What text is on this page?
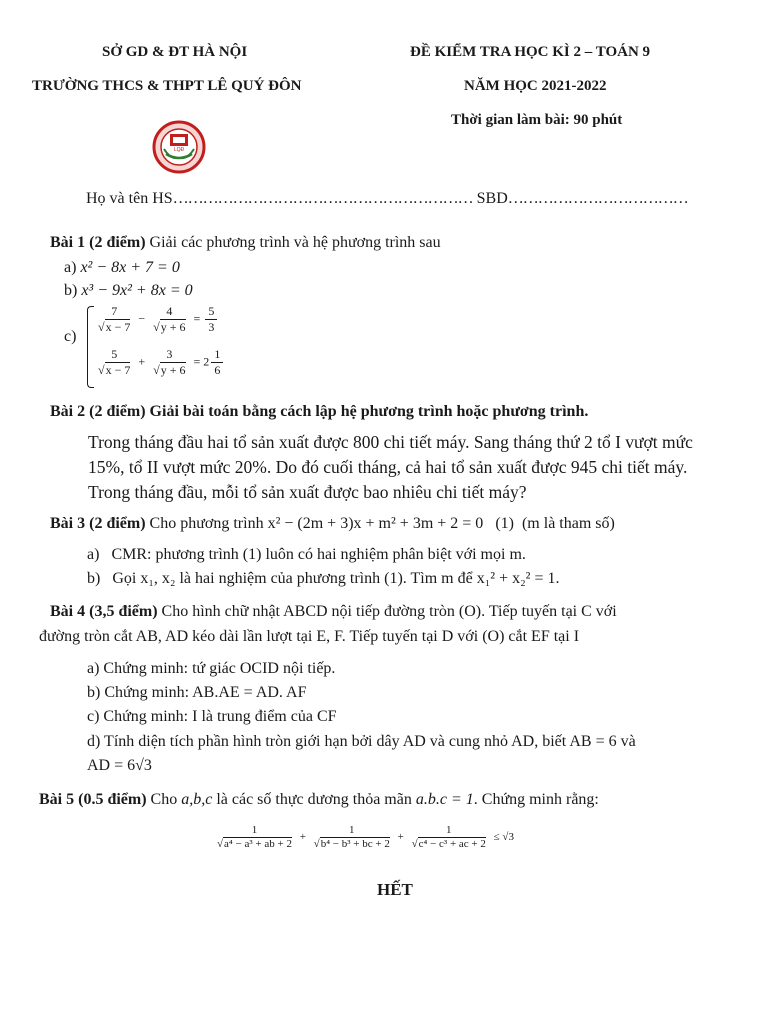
SỞ GD & ĐT HÀ NỘI
TRƯỜNG THCS & THPT LÊ QUÝ ĐÔN
ĐỀ KIỂM TRA HỌC KÌ 2 – TOÁN 9
NĂM HỌC 2021-2022
Thời gian làm bài: 90 phút
LQĐ
Họ và tên HS…………………………………………………… SBD………………………………
Bài 1 (2 điểm) Giải các phương trình và hệ phương trình sau
a) x² − 8x + 7 = 0
b) x³ − 9x² + 8x = 0
c)
$\frac{7}{√x - 7} - \frac{4}{√y + 6} = \frac{5}{3}$
$\frac{5}{√x - 7} + \frac{3}{√y + 6} = 2 \frac{1}{6}$
Bài 2 (2 điểm) Giải bài toán bằng cách lập hệ phương trình hoặc phương trình.
Trong tháng đầu hai tổ sản xuất được 800 chi tiết máy. Sang tháng thứ 2 tổ I vượt mức
15%, tổ II vượt mức 20%. Do đó cuối tháng, cả hai tổ sản xuất được 945 chi tiết máy.
Trong tháng đầu, mỗi tổ sản xuất được bao nhiêu chi tiết máy?
Bài 3 (2 điểm) Cho phương trình x² − (2m + 3)x + m² + 3m + 2 = 0 (1) (m là tham số)
a) CMR: phương trình (1) luôn có hai nghiệm phân biệt với mọi m.
b) Gọi x₁, x₂ là hai nghiệm của phương trình (1). Tìm m để x₁² + x₂² = 1.
Bài 4 (3,5 điểm) Cho hình chữ nhật ABCD nội tiếp đường tròn (O). Tiếp tuyến tại C với
đường tròn cắt AB, AD kéo dài lần lượt tại E, F. Tiếp tuyến tại D với (O) cắt EF tại I
a) Chứng minh: tứ giác OCID nội tiếp.
b) Chứng minh: AB.AE = AD. AF
c) Chứng minh: I là trung điểm của CF
d) Tính diện tích phần hình tròn giới hạn bởi dây AD và cung nhỏ AD, biết AB = 6 và
AD = 6√3
Bài 5 (0.5 điểm) Cho a,b,c là các số thực dương thỏa mãn a.b.c = 1. Chứng minh rằng:
$\frac{1}{\text{√a⁴ − a³ + ab + 2}} + \frac{1}{\text{√b⁴ − b³ + bc + 2}} + \frac{1}{\text{√c⁴ − c³ + ac + 2}} \le √3$
HẾT
